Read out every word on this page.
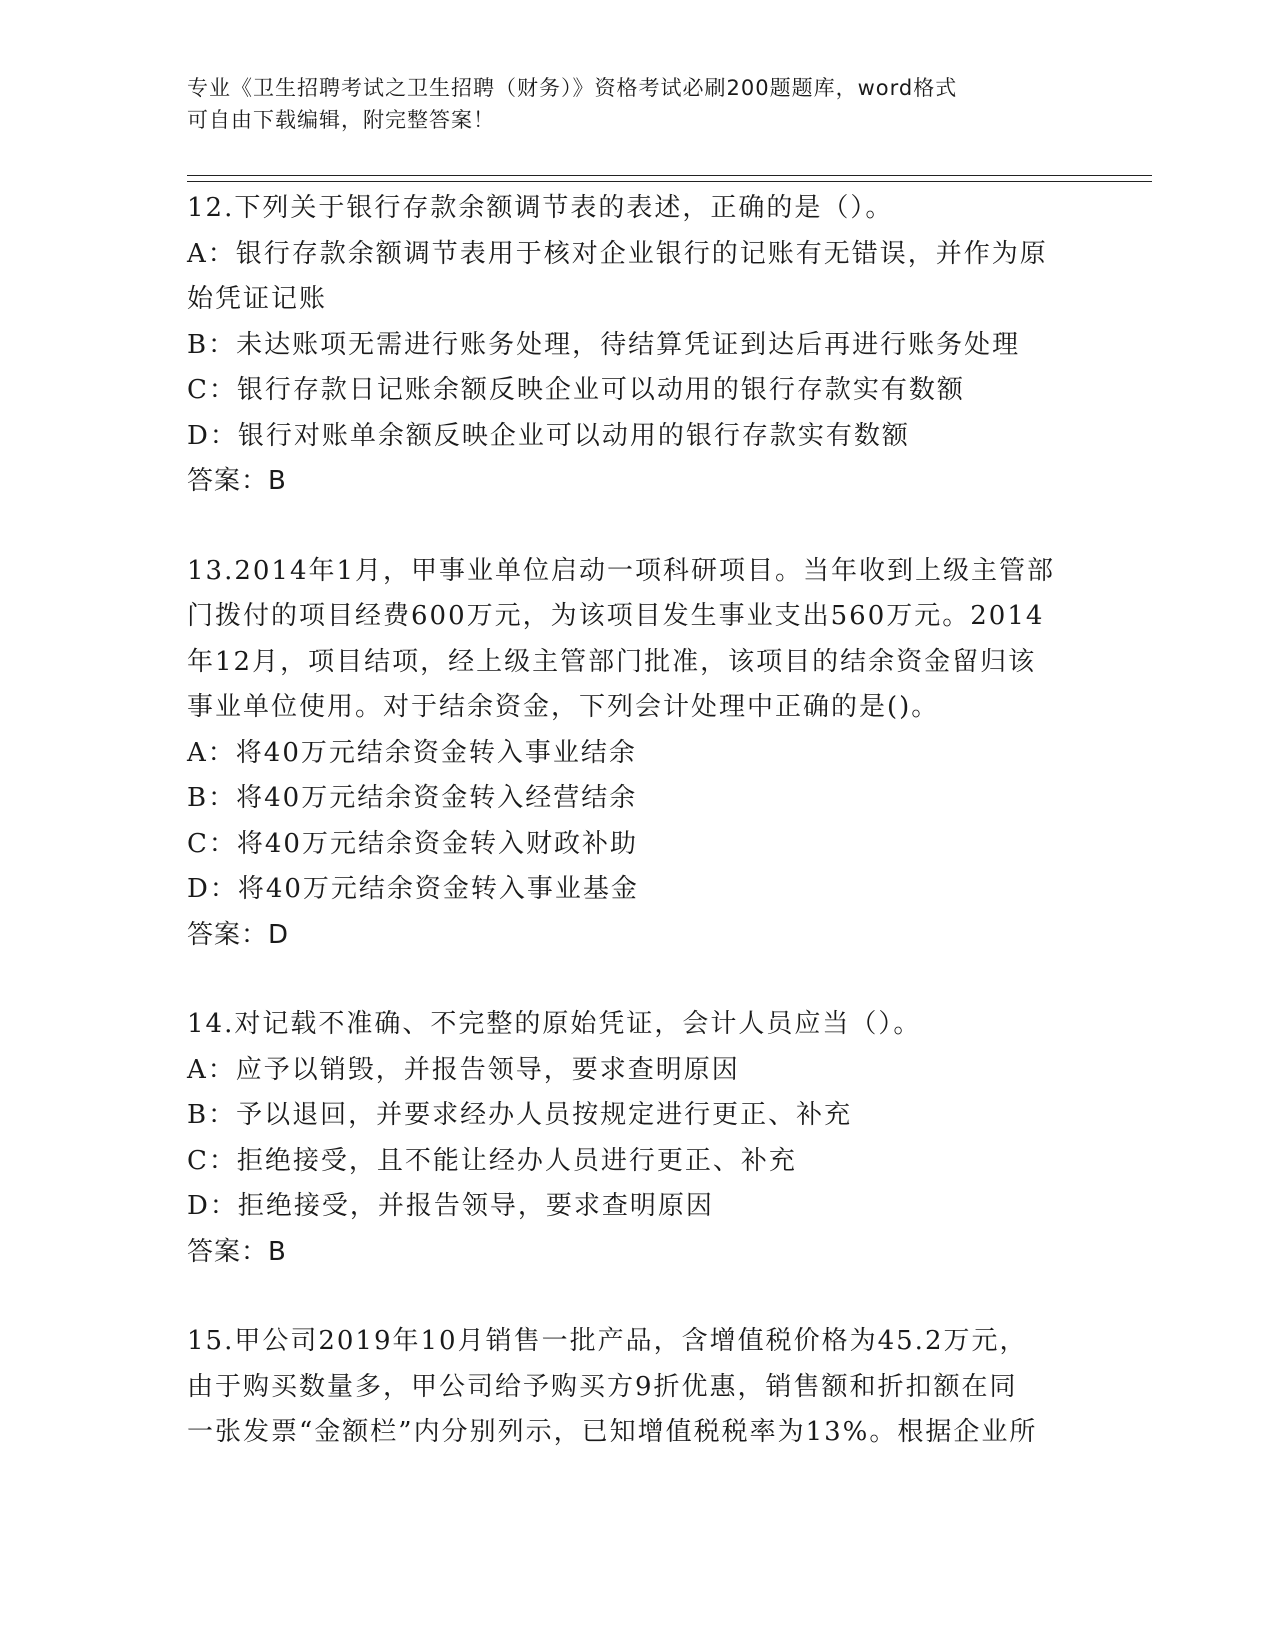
专业《卫生招聘考试之卫生招聘（财务）》资格考试必刷200题题库，word格式
可自由下载编辑，附完整答案！
12.下列关于银行存款余额调节表的表述，正确的是（）。
A：银行存款余额调节表用于核对企业银行的记账有无错误，并作为原
始凭证记账
B：未达账项无需进行账务处理，待结算凭证到达后再进行账务处理
C：银行存款日记账余额反映企业可以动用的银行存款实有数额
D：银行对账单余额反映企业可以动用的银行存款实有数额
答案：B
13.2014年1月，甲事业单位启动一项科研项目。当年收到上级主管部
门拨付的项目经费600万元，为该项目发生事业支出560万元。2014
年12月，项目结项，经上级主管部门批准，该项目的结余资金留归该
事业单位使用。对于结余资金，下列会计处理中正确的是()。
A：将40万元结余资金转入事业结余
B：将40万元结余资金转入经营结余
C：将40万元结余资金转入财政补助
D：将40万元结余资金转入事业基金
答案：D
14.对记载不准确、不完整的原始凭证，会计人员应当（）。
A：应予以销毁，并报告领导，要求查明原因
B：予以退回，并要求经办人员按规定进行更正、补充
C：拒绝接受，且不能让经办人员进行更正、补充
D：拒绝接受，并报告领导，要求查明原因
答案：B
15.甲公司2019年10月销售一批产品，含增值税价格为45.2万元，
由于购买数量多，甲公司给予购买方9折优惠，销售额和折扣额在同
一张发票“金额栏”内分别列示，已知增值税税率为13%。根据企业所
